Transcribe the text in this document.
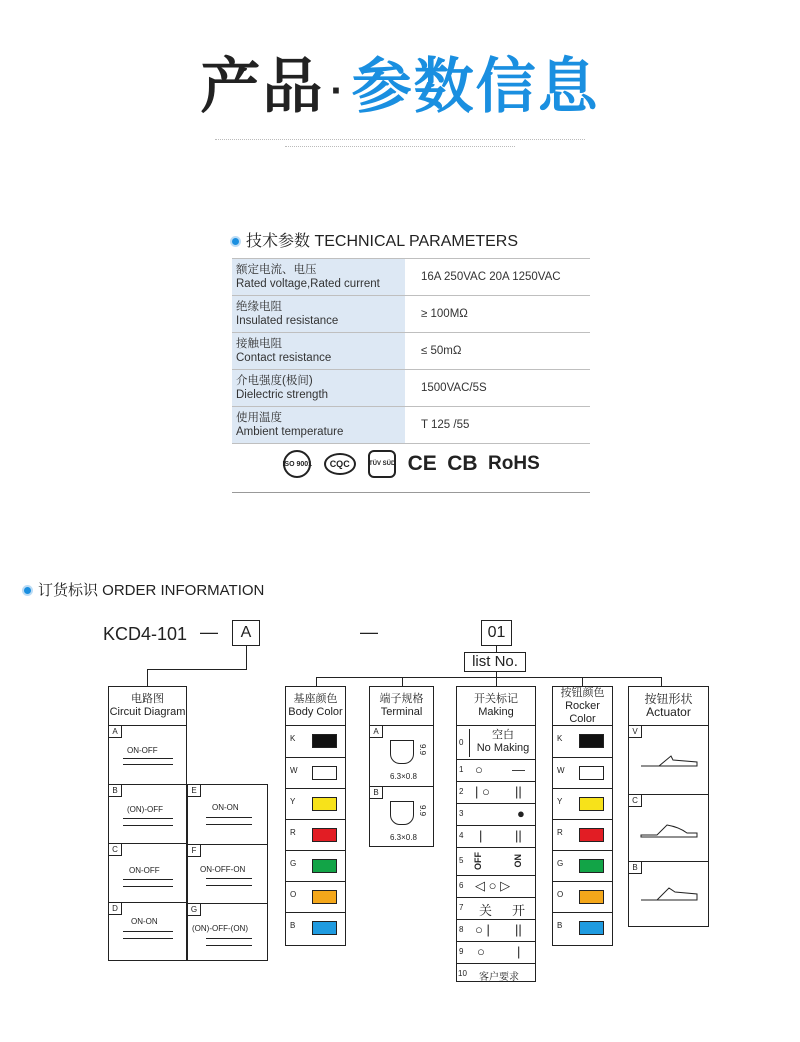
产品 · 参数信息
技术参数 TECHNICAL PARAMETERS
额定电流、电压
Rated voltage,Rated current	16A 250VAC 20A 1250VAC
绝缘电阻
Insulated resistance	≥ 100MΩ
接触电阻
Contact resistance	≤ 50mΩ
介电强度(极间)
Dielectric strength	1500VAC/5S
使用温度
Ambient temperature	T 125 /55
ISO 9001 CQC	TÜV SÜD CE CB RoHS
订货标识 ORDER INFORMATION
KCD4-101 —	A	—	01
list No.
电路图
Circuit Diagram
A
ON-OFF
B
(ON)-OFF
C
ON-OFF
D
ON-ON
E
ON-ON
F
ON-OFF-ON
G
(ON)-OFF-(ON)
基座颜色
Body Color
K
W
Y
R
G
O
B
端子规格
Terminal
A
9.9
6.3×0.8
B
9.9
6.3×0.8
开关标记
Making
0
空白
No Making
1 ○ —
2 | ○ ||
3	●
4 |	||
5 OFF	ON
6 ◁ ○ ▷
7 关 开
8 ○ | ||
9 ○ |
10 客户要求
按钮颜色
Rocker Color
K
W
Y
R
G
O
B
按钮形状
Actuator
V
C
B
